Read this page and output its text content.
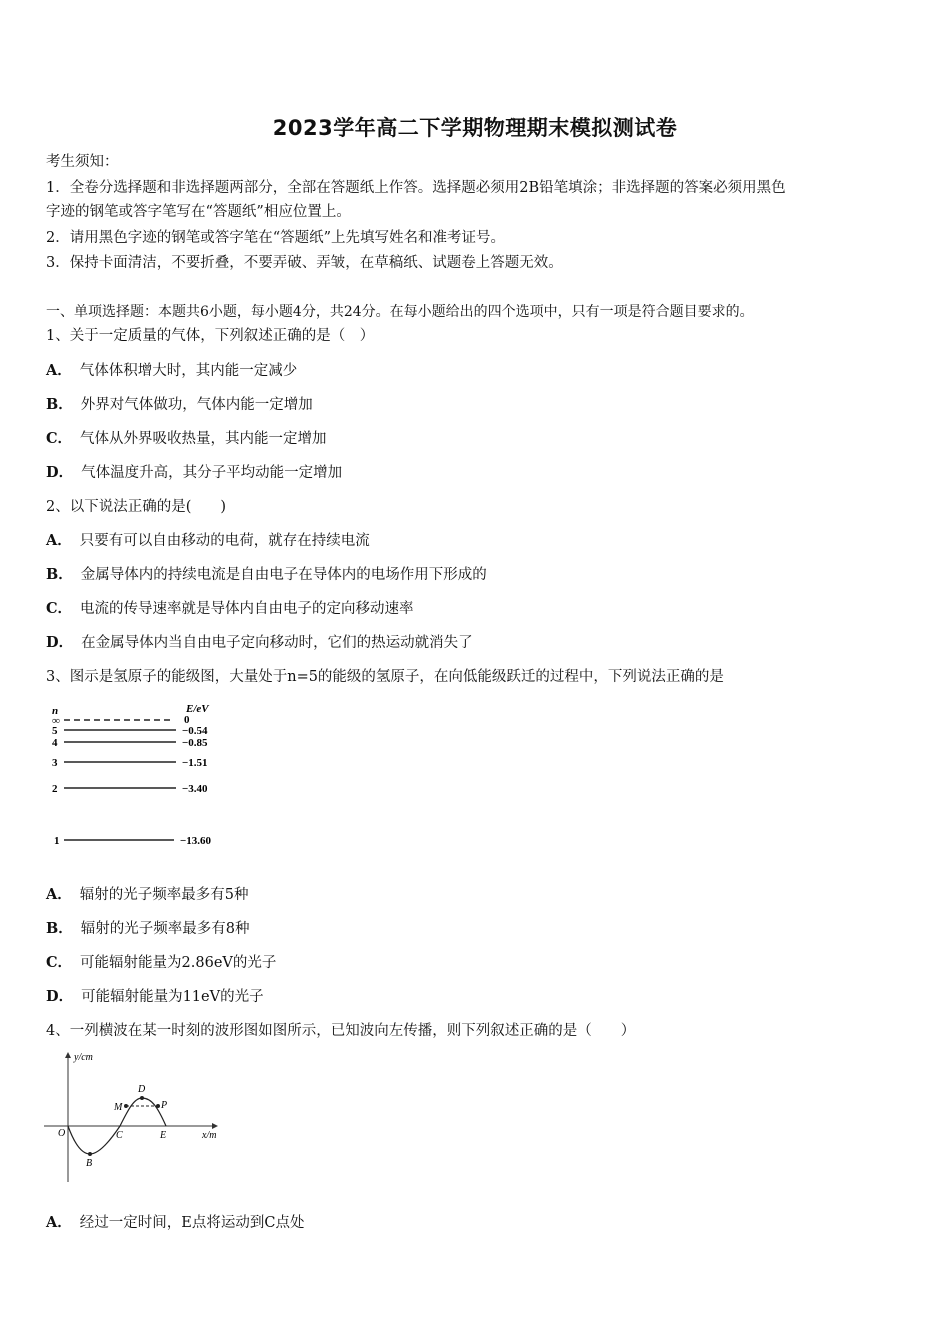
2023学年高二下学期物理期末模拟测试卷
考生须知：
1．全卷分选择题和非选择题两部分，全部在答题纸上作答。选择题必须用2B铅笔填涂；非选择题的答案必须用黑色
字迹的钢笔或答字笔写在“答题纸”相应位置上。
2．请用黑色字迹的钢笔或答字笔在“答题纸”上先填写姓名和准考证号。
3．保持卡面清洁，不要折叠，不要弄破、弄皱，在草稿纸、试题卷上答题无效。
一、单项选择题：本题共6小题，每小题4分，共24分。在每小题给出的四个选项中，只有一项是符合题目要求的。
1、关于一定质量的气体，下列叙述正确的是（　）
A． 气体体积增大时，其内能一定减少
B． 外界对气体做功，气体内能一定增加
C． 气体从外界吸收热量，其内能一定增加
D． 气体温度升高，其分子平均动能一定增加
2、以下说法正确的是(　　)
A． 只要有可以自由移动的电荷，就存在持续电流
B． 金属导体内的持续电流是自由电子在导体内的电场作用下形成的
C． 电流的传导速率就是导体内自由电子的定向移动速率
D． 在金属导体内当自由电子定向移动时，它们的热运动就消失了
3、图示是氢原子的能级图，大量处于n=5的能级的氢原子，在向低能级跃迁的过程中，下列说法正确的是
n	E/eV
∞	0
5	−0.54
4	−0.85
3	−1.51
2	−3.40
1	−13.60
A． 辐射的光子频率最多有5种
B． 辐射的光子频率最多有8种
C． 可能辐射能量为2.86eV的光子
D． 可能辐射能量为11eV的光子
4、一列横波在某一时刻的波形图如图所示，已知波向左传播，则下列叙述正确的是（　　）
y/cm
x/m
O
B
C
M
D
P
E
A． 经过一定时间，E点将运动到C点处
